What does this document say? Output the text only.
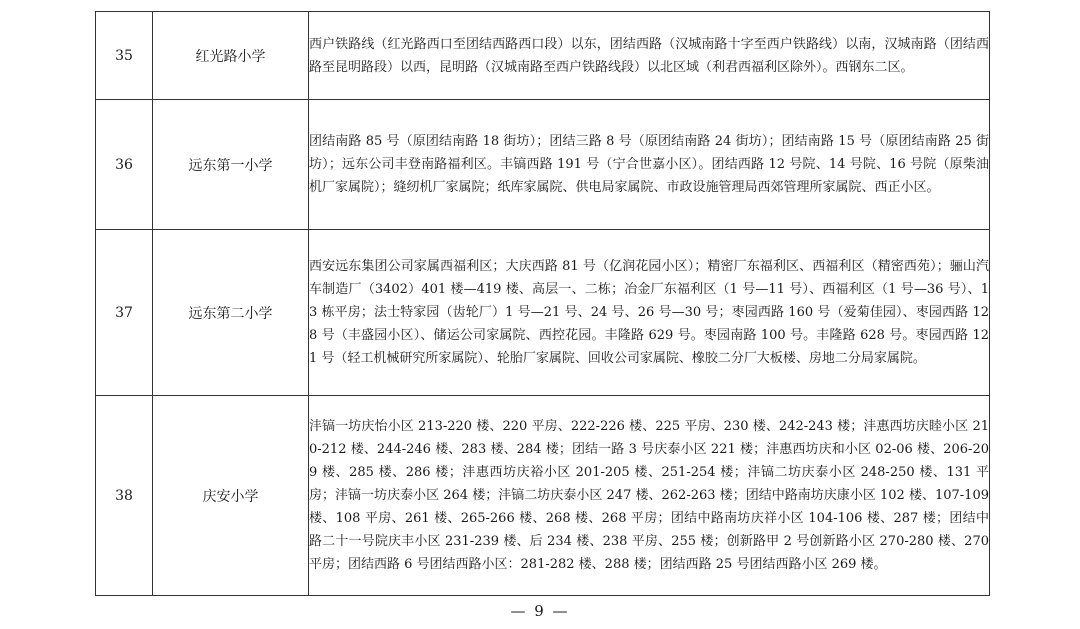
35	红光路小学	西户铁路线（红光路西口至团结西路西口段）以东，团结西路（汉城南路十字至西户铁路线）以南，汉城南路（团结西路至昆明路段）以西，昆明路（汉城南路至西户铁路线段）以北区域（利君西福利区除外）。西钢东二区。
36	远东第一小学	团结南路 85 号（原团结南路 18 街坊）；团结三路 8 号（原团结南路 24 街坊）；团结南路 15 号（原团结南路 25 街坊）；远东公司丰登南路福利区。丰镐西路 191 号（宁合世嘉小区）。团结西路 12 号院、14 号院、16 号院（原柴油机厂家属院）；缝纫机厂家属院；纸库家属院、供电局家属院、市政设施管理局西郊管理所家属院、西正小区。
37	远东第二小学	西安远东集团公司家属西福利区；大庆西路 81 号（亿润花园小区）；精密厂东福利区、西福利区（精密西苑）；骊山汽车制造厂（3402）401 楼—419 楼、高层一、二栋；冶金厂东福利区（1 号—11 号）、西福利区（1 号—36 号）、13 栋平房；法士特家园（齿轮厂）1 号—21 号、24 号、26 号—30 号；枣园西路 160 号（爱菊佳园）、枣园西路 128 号（丰盛园小区）、储运公司家属院、西控花园。丰隆路 629 号。枣园南路 100 号。丰隆路 628 号。枣园西路 121 号（轻工机械研究所家属院）、轮胎厂家属院、回收公司家属院、橡胶二分厂大板楼、房地二分局家属院。
38	庆安小学	沣镐一坊庆怡小区 213-220 楼、220 平房、222-226 楼、225 平房、230 楼、242-243 楼；沣惠西坊庆睦小区 210-212 楼、244-246 楼、283 楼、284 楼；团结一路 3 号庆泰小区 221 楼；沣惠西坊庆和小区 02-06 楼、206-209 楼、285 楼、286 楼；沣惠西坊庆裕小区 201-205 楼、251-254 楼；沣镐二坊庆泰小区 248-250 楼、131 平房；沣镐一坊庆泰小区 264 楼；沣镐二坊庆泰小区 247 楼、262-263 楼；团结中路南坊庆康小区 102 楼、107-109 楼、108 平房、261 楼、265-266 楼、268 楼、268 平房；团结中路南坊庆祥小区 104-106 楼、287 楼；团结中路二十一号院庆丰小区 231-239 楼、后 234 楼、238 平房、255 楼；创新路甲 2 号创新路小区 270-280 楼、270 平房；团结西路 6 号团结西路小区：281-282 楼、288 楼；团结西路 25 号团结西路小区 269 楼。
— 9 —
